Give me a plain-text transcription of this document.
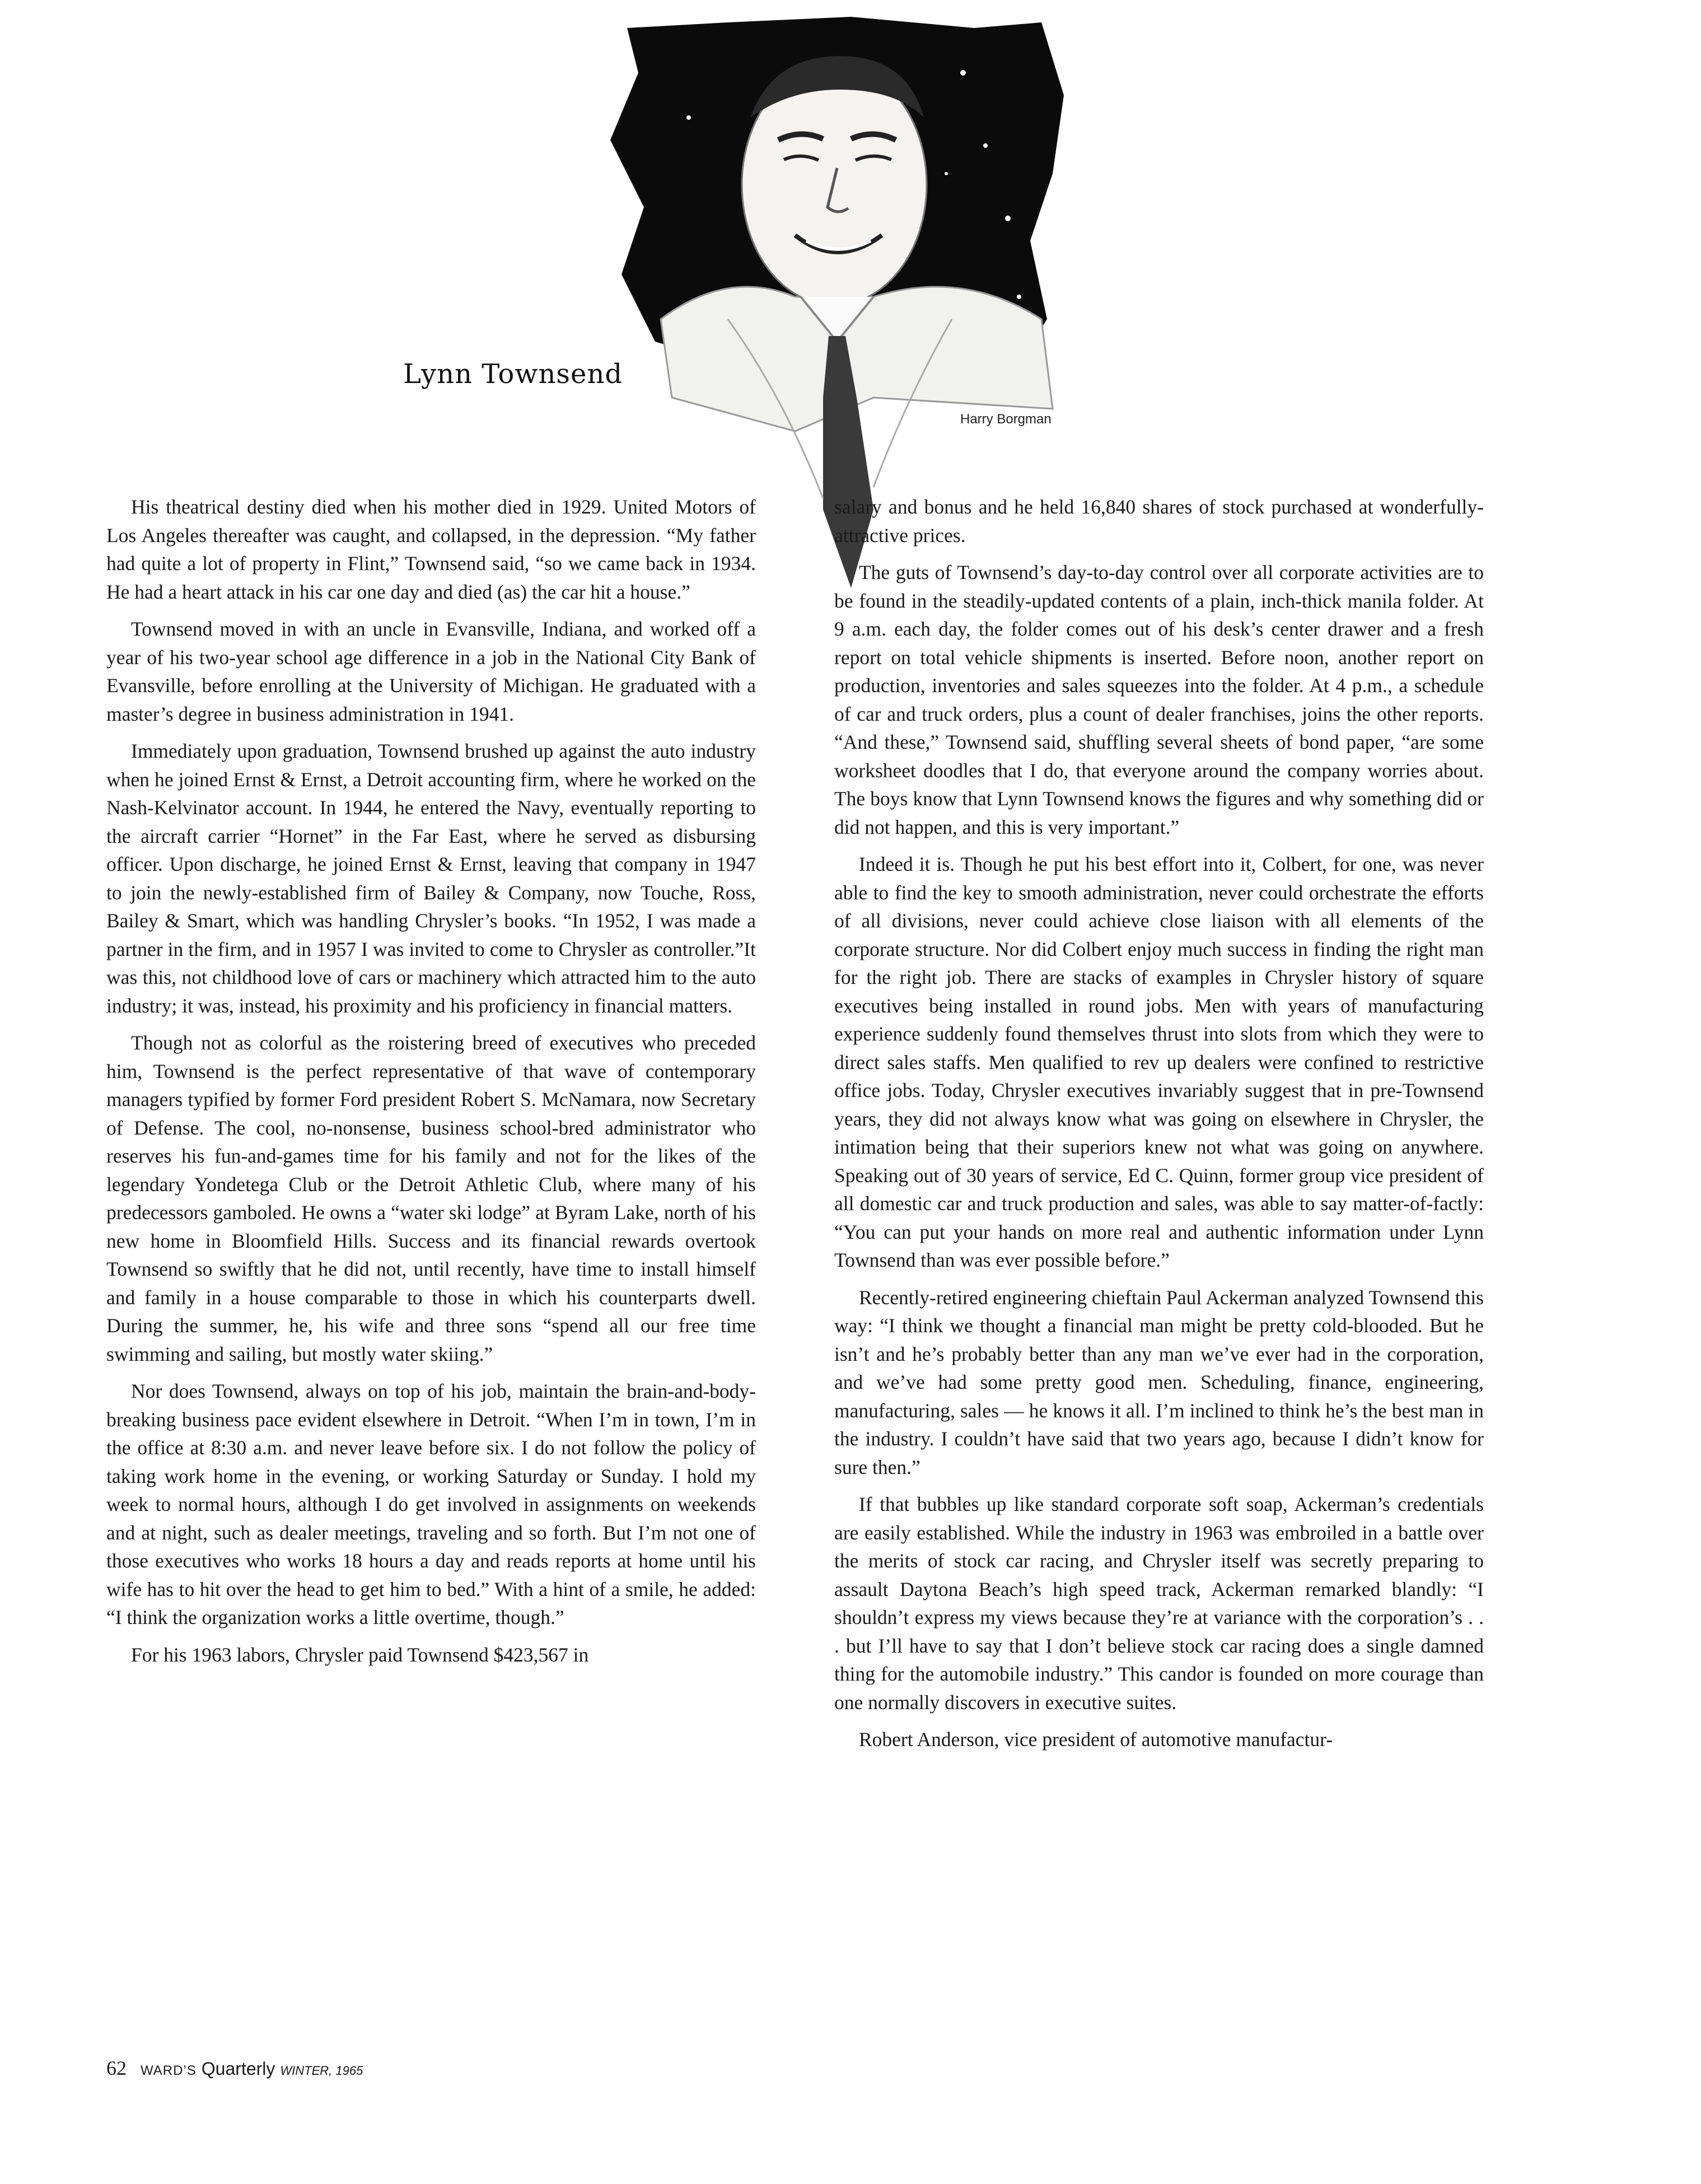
Lynn Townsend
Harry Borgman

His theatrical destiny died when his mother died in 1929. United Motors of Los Angeles thereafter was caught, and collapsed, in the depression. “My father had quite a lot of property in Flint,” Townsend said, “so we came back in 1934. He had a heart attack in his car one day and died (as) the car hit a house.”

Townsend moved in with an uncle in Evansville, Indiana, and worked off a year of his two-year school age difference in a job in the National City Bank of Evansville, before enrolling at the University of Michigan. He graduated with a master’s degree in business administration in 1941.

Immediately upon graduation, Townsend brushed up against the auto industry when he joined Ernst & Ernst, a Detroit accounting firm, where he worked on the Nash-Kelvinator account. In 1944, he entered the Navy, eventually reporting to the aircraft carrier “Hornet” in the Far East, where he served as disbursing officer. Upon discharge, he joined Ernst & Ernst, leaving that company in 1947 to join the newly-established firm of Bailey & Company, now Touche, Ross, Bailey & Smart, which was handling Chrysler’s books. “In 1952, I was made a partner in the firm, and in 1957 I was invited to come to Chrysler as controller.”It was this, not childhood love of cars or machinery which attracted him to the auto industry; it was, instead, his proximity and his proficiency in financial matters.

Though not as colorful as the roistering breed of executives who preceded him, Townsend is the perfect representative of that wave of contemporary managers typified by former Ford president Robert S. McNamara, now Secretary of Defense. The cool, no-nonsense, business school-bred administrator who reserves his fun-and-games time for his family and not for the likes of the legendary Yondetega Club or the Detroit Athletic Club, where many of his predecessors gamboled. He owns a “water ski lodge” at Byram Lake, north of his new home in Bloomfield Hills. Success and its financial rewards overtook Townsend so swiftly that he did not, until recently, have time to install himself and family in a house comparable to those in which his counterparts dwell. During the summer, he, his wife and three sons “spend all our free time swimming and sailing, but mostly water skiing.”

Nor does Townsend, always on top of his job, maintain the brain-and-body-breaking business pace evident elsewhere in Detroit. “When I’m in town, I’m in the office at 8:30 a.m. and never leave before six. I do not follow the policy of taking work home in the evening, or working Saturday or Sunday. I hold my week to normal hours, although I do get involved in assignments on weekends and at night, such as dealer meetings, traveling and so forth. But I’m not one of those executives who works 18 hours a day and reads reports at home until his wife has to hit over the head to get him to bed.” With a hint of a smile, he added: “I think the organization works a little overtime, though.”

For his 1963 labors, Chrysler paid Townsend $423,567 in

salary and bonus and he held 16,840 shares of stock purchased at wonderfully-attractive prices.

The guts of Townsend’s day-to-day control over all corporate activities are to be found in the steadily-updated contents of a plain, inch-thick manila folder. At 9 a.m. each day, the folder comes out of his desk’s center drawer and a fresh report on total vehicle shipments is inserted. Before noon, another report on production, inventories and sales squeezes into the folder. At 4 p.m., a schedule of car and truck orders, plus a count of dealer franchises, joins the other reports. “And these,” Townsend said, shuffling several sheets of bond paper, “are some worksheet doodles that I do, that everyone around the company worries about. The boys know that Lynn Townsend knows the figures and why something did or did not happen, and this is very important.”

Indeed it is. Though he put his best effort into it, Colbert, for one, was never able to find the key to smooth administration, never could orchestrate the efforts of all divisions, never could achieve close liaison with all elements of the corporate structure. Nor did Colbert enjoy much success in finding the right man for the right job. There are stacks of examples in Chrysler history of square executives being installed in round jobs. Men with years of manufacturing experience suddenly found themselves thrust into slots from which they were to direct sales staffs. Men qualified to rev up dealers were confined to restrictive office jobs. Today, Chrysler executives invariably suggest that in pre-Townsend years, they did not always know what was going on elsewhere in Chrysler, the intimation being that their superiors knew not what was going on anywhere. Speaking out of 30 years of service, Ed C. Quinn, former group vice president of all domestic car and truck production and sales, was able to say matter-of-factly: “You can put your hands on more real and authentic information under Lynn Townsend than was ever possible before.”

Recently-retired engineering chieftain Paul Ackerman analyzed Townsend this way: “I think we thought a financial man might be pretty cold-blooded. But he isn’t and he’s probably better than any man we’ve ever had in the corporation, and we’ve had some pretty good men. Scheduling, finance, engineering, manufacturing, sales — he knows it all. I’m inclined to think he’s the best man in the industry. I couldn’t have said that two years ago, because I didn’t know for sure then.”

If that bubbles up like standard corporate soft soap, Ackerman’s credentials are easily established. While the industry in 1963 was embroiled in a battle over the merits of stock car racing, and Chrysler itself was secretly preparing to assault Daytona Beach’s high speed track, Ackerman remarked blandly: “I shouldn’t express my views because they’re at variance with the corporation’s . . . but I’ll have to say that I don’t believe stock car racing does a single damned thing for the automobile industry.” This candor is founded on more courage than one normally discovers in executive suites.

Robert Anderson, vice president of automotive manufactur-

62 WARD’S Quarterly WINTER, 1965
